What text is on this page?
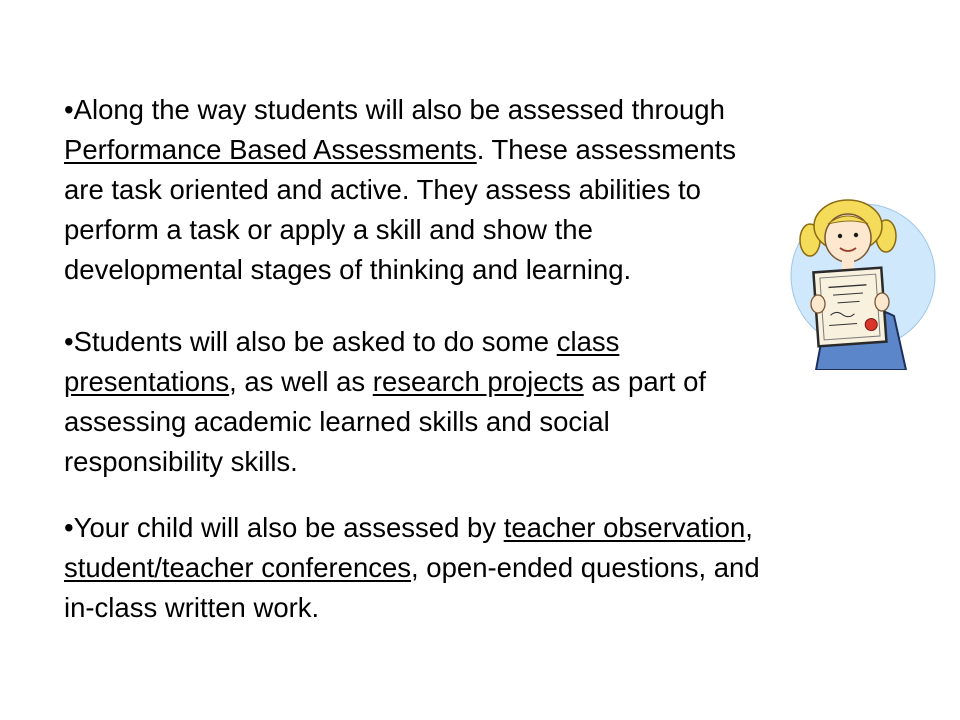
•Along the way students will also be assessed through
Performance Based Assessments. These assessments
are task oriented and active. They assess abilities to
perform a task or apply a skill and show the
developmental stages of thinking and learning.
•Students will also be asked to do some class
presentations, as well as research projects as part of
assessing academic learned skills and social
responsibility skills.
•Your child will also be assessed by teacher observation,
student/teacher conferences, open-ended questions, and
in-class written work.
